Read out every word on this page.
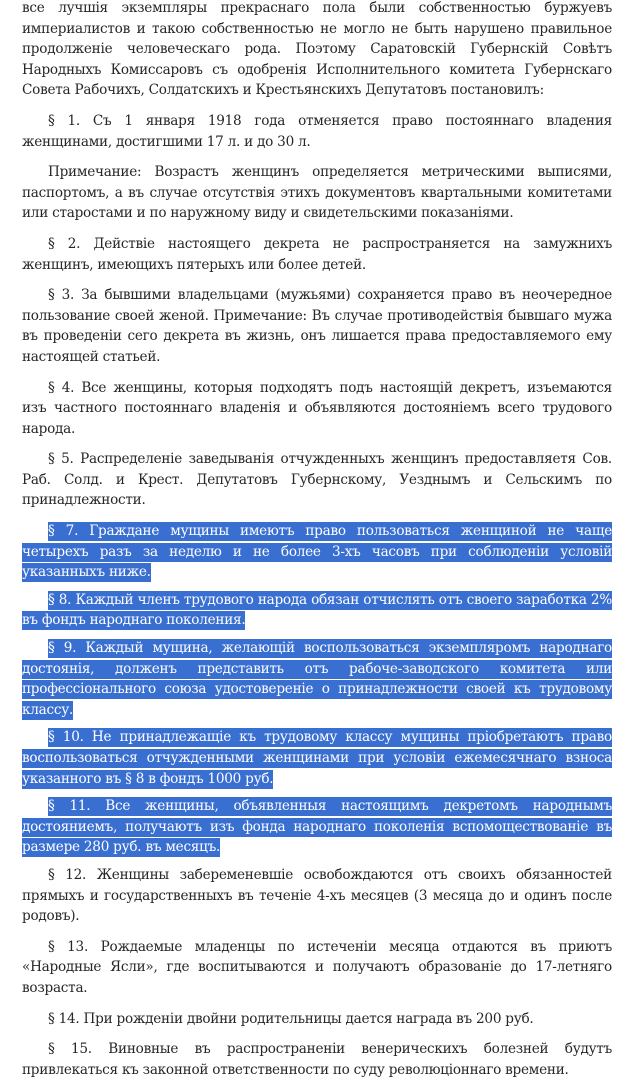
все лучшія экземпляры прекраснаго пола были собственностью буржуевъ империалистов и такою собственностью не могло не быть нарушено правильное продолженіе человеческаго рода. Поэтому Саратовскій Губернскій Совѣтъ Народныхъ Комиссаровъ съ одобренія Исполнительного комитета Губернскаго Совета Рабочихъ, Солдатскихъ и Крестьянскихъ Депутатовъ постановилъ:

§ 1. Съ 1 января 1918 года отменяется право постояннаго владения женщинами, достигшими 17 л. и до 30 л.

Примечание: Возрастъ женщинъ определяется метрическими выписями, паспортомъ, а въ случае отсутствія этихъ документовъ квартальными комитетами или старостами и по наружному виду и свидетельскими показаніями.

§ 2. Действіе настоящего декрета не распространяется на замужнихъ женщинъ, имеющихъ пятерыхъ или более детей.

§ 3. За бывшими владельцами (мужьями) сохраняется право въ неочередное пользование своей женой. Примечание: Въ случае противодействія бывшаго мужа въ проведеніи сего декрета въ жизнь, онъ лишается права предоставляемого ему настоящей статьей.

§ 4. Все женщины, которыя подходятъ подъ настоящій декретъ, изъемаются изъ частного постояннаго владенія и объявляются достояніемъ всего трудового народа.

§ 5. Распределеніе заведыванія отчужденныхъ женщинъ предоставляетя Сов. Раб. Солд. и Крест. Депутатовъ Губернскому, Уезднымъ и Сельскимъ по принадлежности.

§ 7. Граждане мущины имеютъ право пользоваться женщиной не чаще четырехъ разъ за неделю и не более 3-хъ часовъ при соблюденіи условій указанныхъ ниже.

§ 8. Каждый членъ трудового народа обязан отчислять отъ своего заработка 2% въ фондъ народнаго поколения.

§ 9. Каждый мущина, желающій воспользоваться экземпляромъ народнаго достоянія, долженъ представить отъ рабоче-заводского комитета или профессіонального союза удостовереніе о принадлежности своей къ трудовому классу.

§ 10. Не принадлежащіе къ трудовому классу мущины пріобретаютъ право воспользоваться отчужденными женщинами при условіи ежемесячнаго взноса указанного въ § 8 в фондъ 1000 руб.

§ 11. Все женщины, объявленныя настоящимъ декретомъ народнымъ достояниемъ, получаютъ изъ фонда народнаго поколенія вспомоществованіе въ размере 280 руб. въ месяцъ.

§ 12. Женщины забеременевшіе освобождаются отъ своихъ обязанностей прямыхъ и государственныхъ въ теченіе 4-хъ месяцев (3 месяца до и одинъ после родовъ).

§ 13. Рождаемые младенцы по истеченіи месяца отдаются въ приютъ «Народные Ясли», где воспитываются и получаютъ образованіе до 17-летняго возраста.

§ 14. При рожденіи двойни родительницы дается награда въ 200 руб.

§ 15. Виновные въ распространеніи венерическихъ болезней будутъ привлекаться къ законной ответственности по суду революціоннаго времени.
